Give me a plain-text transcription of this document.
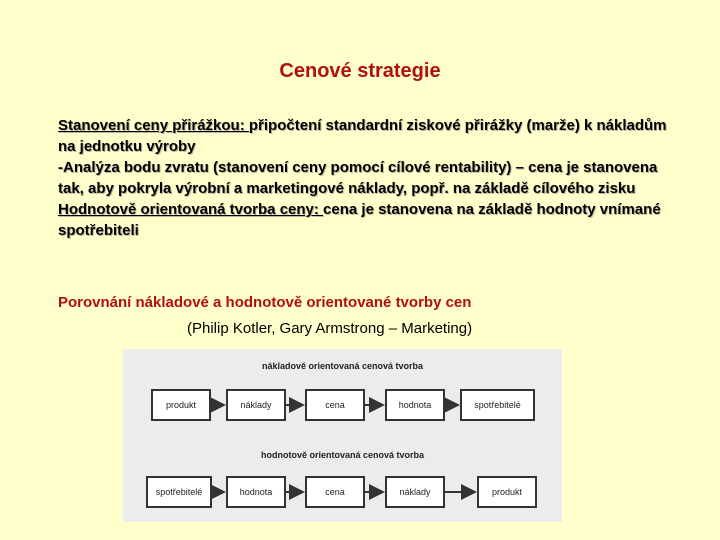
Cenové strategie
Stanovení ceny přirážkou: připočtení standardní ziskové přirážky (marže) k nákladům na jednotku výroby
-Analýza bodu zvratu (stanovení ceny pomocí cílové rentability) – cena je stanovena tak, aby pokryla výrobní a marketingové náklady, popř. na základě cílového zisku
Hodnotově orientovaná tvorba ceny: cena je stanovena na základě hodnoty vnímané spotřebiteli
Porovnání nákladové a hodnotově orientované tvorby cen
(Philip Kotler, Gary Armstrong – Marketing)
nákladově orientovaná cenová tvorba
produkt	náklady	cena	hodnota	spotřebitelé
hodnotově orientovaná cenová tvorba
spotřebitelé	hodnota	cena	náklady	produkt
